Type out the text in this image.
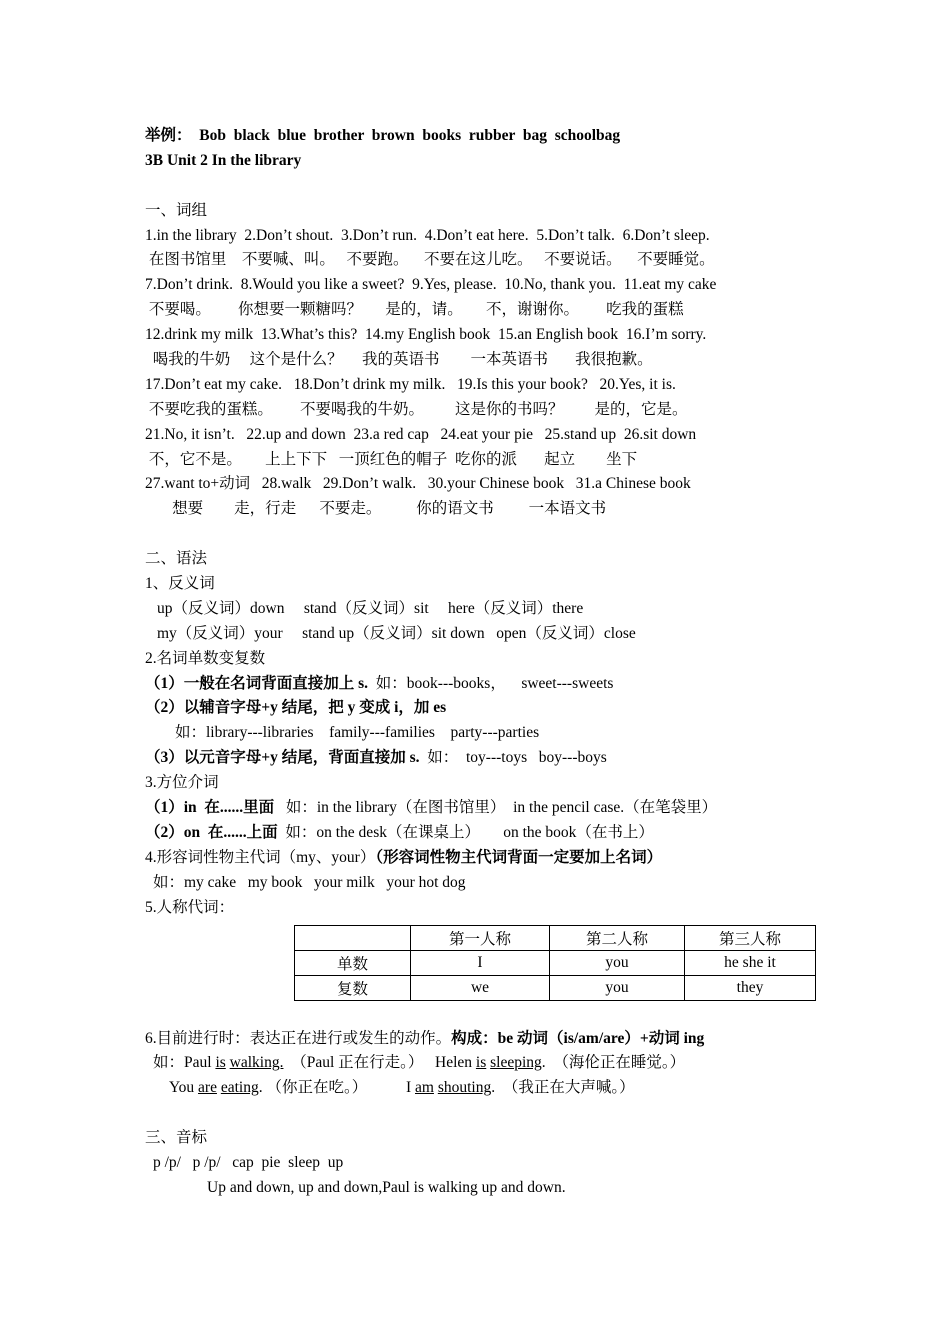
举例：  Bob  black  blue  brother  brown  books  rubber  bag  schoolbag
3B Unit 2 In the library
一、词组
1.in the library  2.Don’t shout.  3.Don’t run.  4.Don’t eat here.  5.Don’t talk.  6.Don’t sleep.
在图书馆里    不要喊、叫。   不要跑。    不要在这儿吃。   不要说话。    不要睡觉。
7.Don’t drink.  8.Would you like a sweet?  9.Yes, please.  10.No, thank you.  11.eat my cake
不要喝。       你想要一颗糖吗？      是的，请。      不，谢谢你。       吃我的蛋糕
12.drink my milk  13.What’s this?  14.my English book  15.an English book  16.I’m sorry.
喝我的牛奶     这个是什么？     我的英语书        一本英语书       我很抱歉。
17.Don’t eat my cake.   18.Don’t drink my milk.   19.Is this your book?   20.Yes, it is.
不要吃我的蛋糕。       不要喝我的牛奶。        这是你的书吗？        是的，它是。
21.No, it isn’t.   22.up and down  23.a red cap   24.eat your pie   25.stand up  26.sit down
不，它不是。      上上下下   一顶红色的帽子  吃你的派       起立        坐下
27.want to+动词   28.walk   29.Don’t walk.   30.your Chinese book   31.a Chinese book
想要        走，行走      不要走。         你的语文书         一本语文书
二、语法
1、反义词
up（反义词）down     stand（反义词）sit     here（反义词）there
my（反义词）your     stand up（反义词）sit down   open（反义词）close
2.名词单数变复数
（1）一般在名词背面直接加上 s.  如：book---books，    sweet---sweets
（2）以辅音字母+y 结尾，把 y 变成 i，加 es
如：library---libraries    family---families    party---parties
（3）以元音字母+y 结尾，背面直接加 s.  如：  toy---toys   boy---boys
3.方位介词
（1）in  在......里面   如：in the library（在图书馆里）  in the pencil case.（在笔袋里）
（2）on  在......上面  如：on the desk（在课桌上）      on the book（在书上）
4.形容词性物主代词（my、your）（形容词性物主代词背面一定要加上名词）
如：my cake   my book   your milk   your hot dog
5.人称代词：
	第一人称	第二人称	第三人称
单数	I	you	he she it
复数	we	you	they
6.目前进行时：表达正在进行或发生的动作。构成：be 动词（is/am/are）+动词 ing
如：Paul is walking.  （Paul 正在行走。）   Helen is sleeping.  （海伦正在睡觉。）
You are eating. （你正在吃。）          I am shouting.  （我正在大声喊。）
三、音标
p /p/   p /p/   cap  pie  sleep  up
Up and down, up and down,Paul is walking up and down.
